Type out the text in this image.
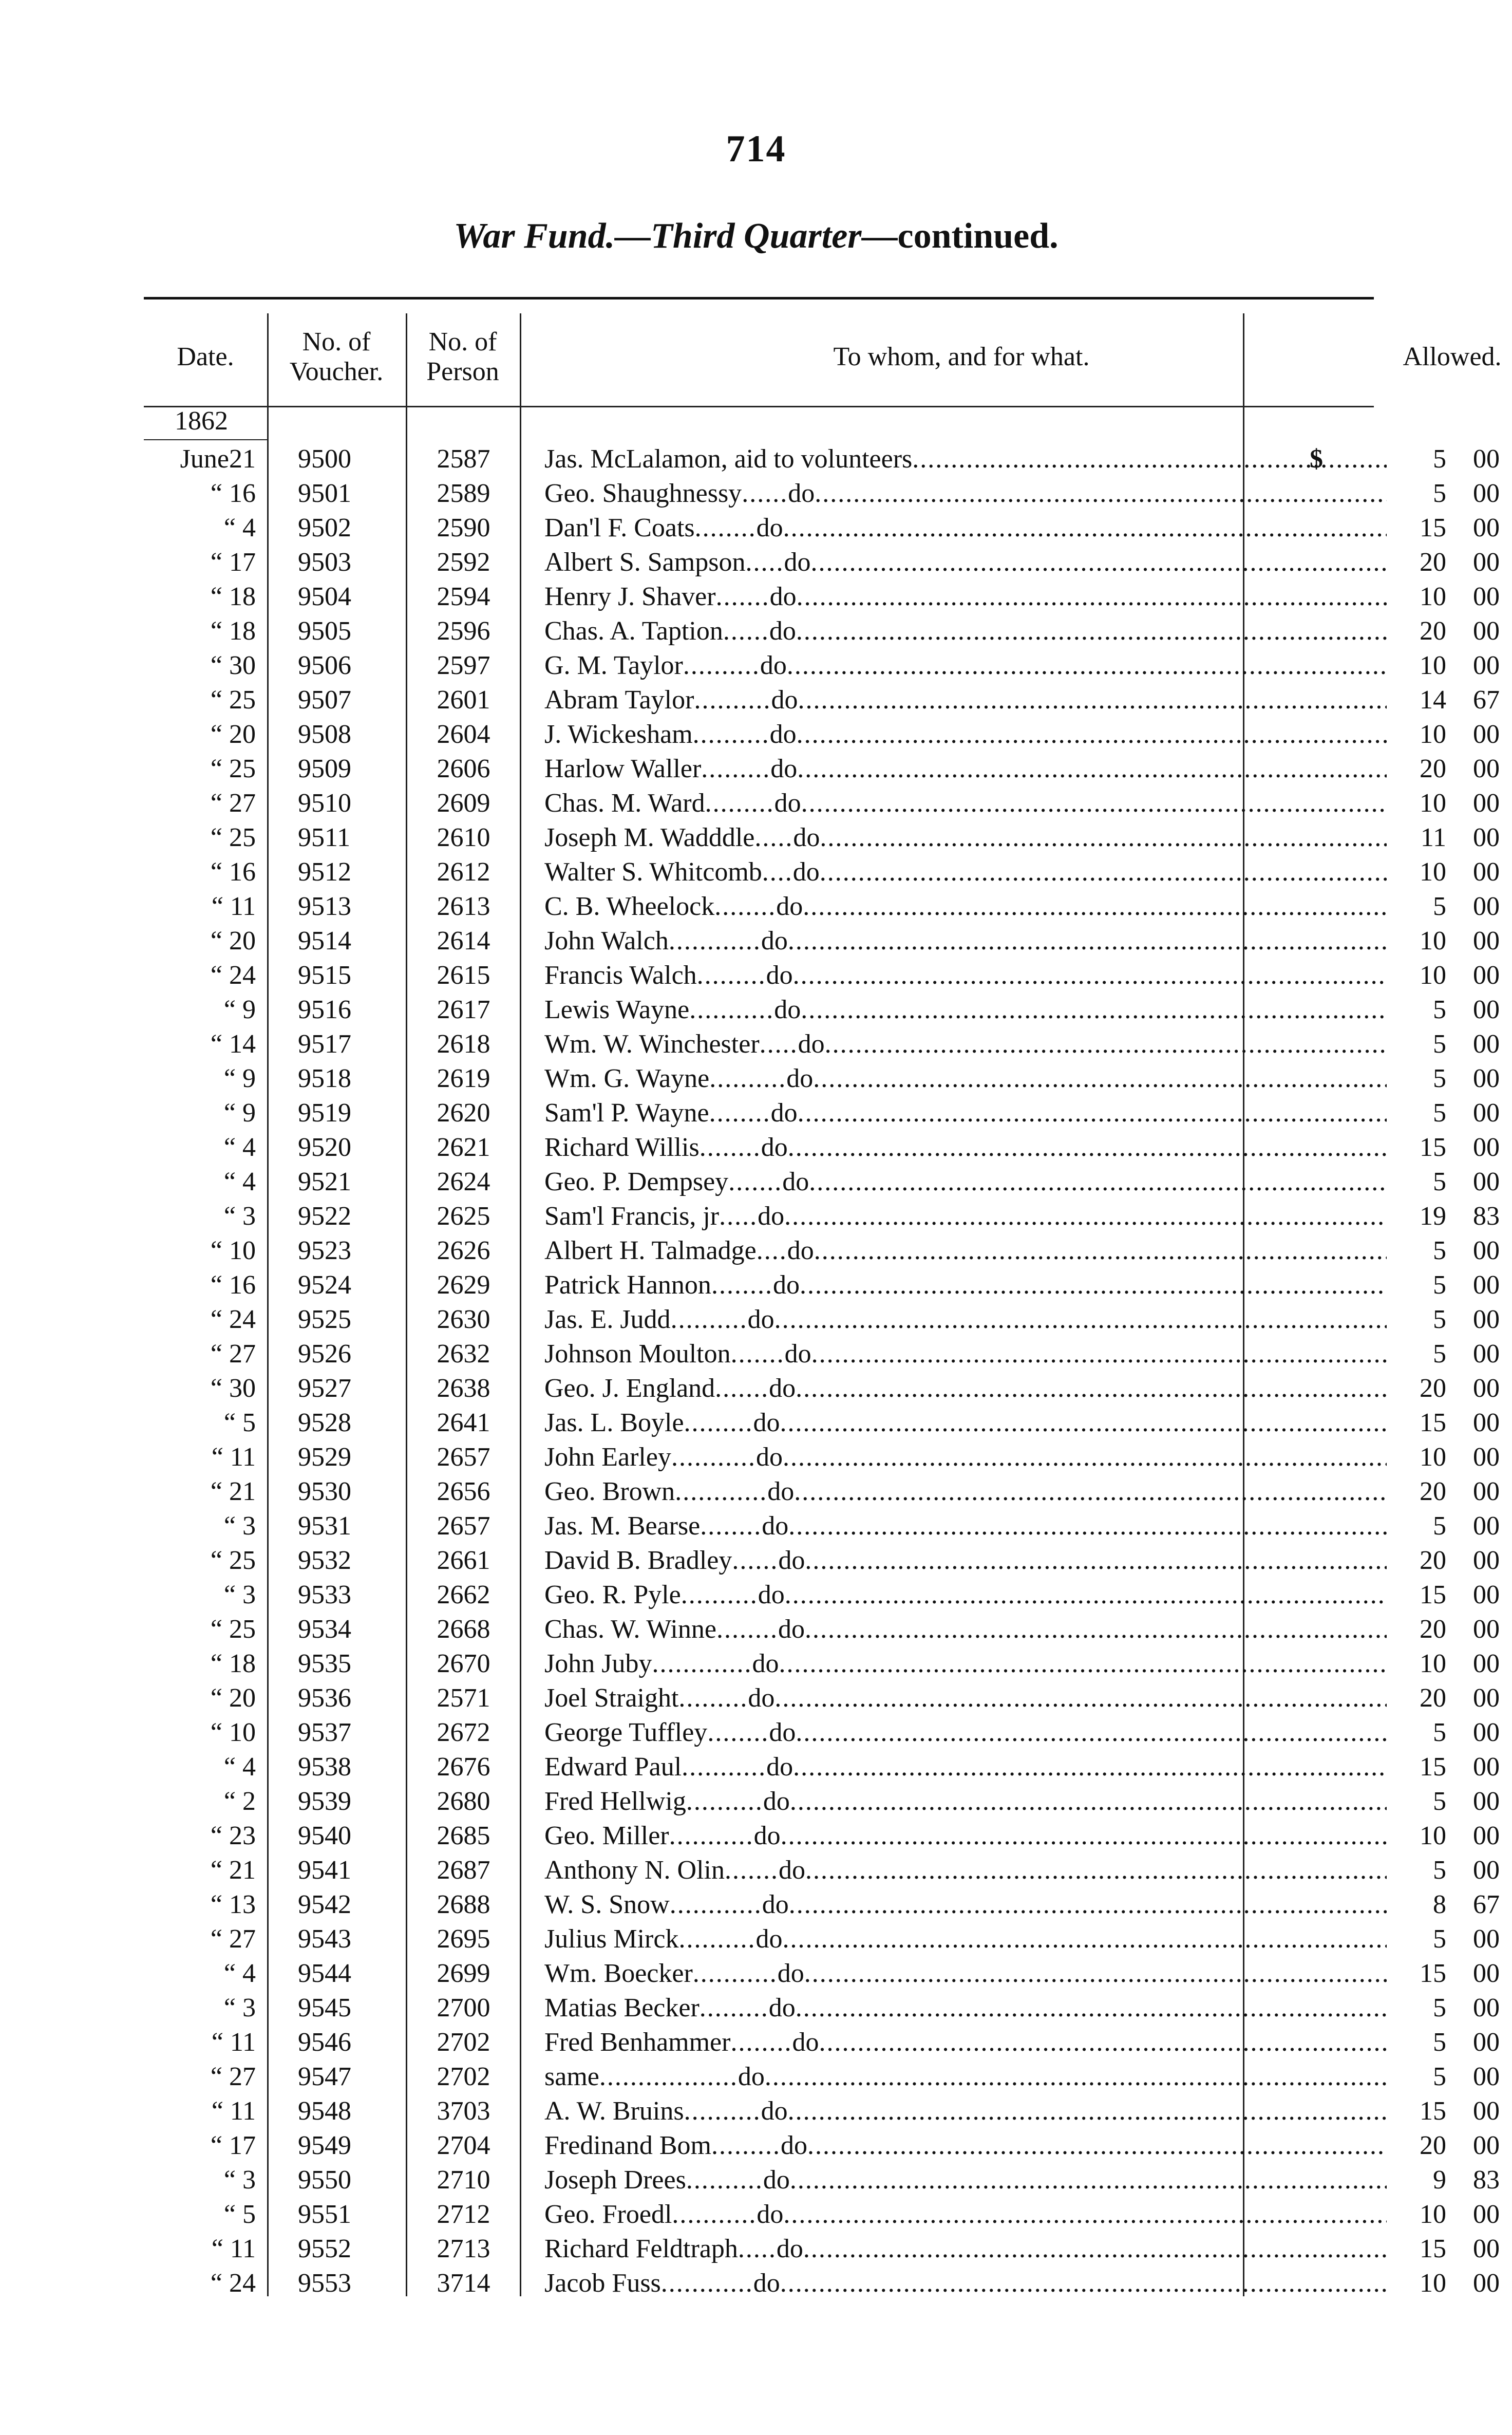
714
War Fund.—Third Quarter—continued.
Date.
No. of
Voucher.
No. of
Person
To whom, and for what.	Allowed.
1862
June21 9500	2587	Jas. McLalamon, aid to volunteers .....	$	5 00
“ 16 9501	2589	Geo. Shaughnessy......do .....	5 00
“ 4 9502	2590	Dan'l F. Coats........do .....	15 00
“ 17 9503	2592	Albert S. Sampson.....do .....	20 00
“ 18 9504	2594	Henry J. Shaver.......do .....	10 00
“ 18 9505	2596	Chas. A. Taption......do .....	20 00
“ 30 9506	2597	G. M. Taylor..........do .....	10 00
“ 25 9507	2601	Abram Taylor..........do .....	14 67
“ 20 9508	2604	J. Wickesham..........do .....	10 00
“ 25 9509	2606	Harlow Waller.........do .....	20 00
“ 27 9510	2609	Chas. M. Ward.........do .....	10 00
“ 25 9511	2610	Joseph M. Wadddle.....do .....	11 00
“ 16 9512	2612	Walter S. Whitcomb....do .....	10 00
“ 11 9513	2613	C. B. Wheelock........do .....	5 00
“ 20 9514	2614	John Walch............do .....	10 00
“ 24 9515	2615	Francis Walch.........do .....	10 00
“ 9 9516	2617	Lewis Wayne...........do .....	5 00
“ 14 9517	2618	Wm. W. Winchester.....do .....	5 00
“ 9 9518	2619	Wm. G. Wayne..........do .....	5 00
“ 9 9519	2620	Sam'l P. Wayne........do .....	5 00
“ 4 9520	2621	Richard Willis........do .....	15 00
“ 4 9521	2624	Geo. P. Dempsey.......do .....	5 00
“ 3 9522	2625	Sam'l Francis, jr.....do .....	19 83
“ 10 9523	2626	Albert H. Talmadge....do .....	5 00
“ 16 9524	2629	Patrick Hannon........do .....	5 00
“ 24 9525	2630	Jas. E. Judd..........do .....	5 00
“ 27 9526	2632	Johnson Moulton.......do .....	5 00
“ 30 9527	2638	Geo. J. England.......do .....	20 00
“ 5 9528	2641	Jas. L. Boyle.........do .....	15 00
“ 11 9529	2657	John Earley...........do .....	10 00
“ 21 9530	2656	Geo. Brown............do .....	20 00
“ 3 9531	2657	Jas. M. Bearse........do .....	5 00
“ 25 9532	2661	David B. Bradley......do .....	20 00
“ 3 9533	2662	Geo. R. Pyle..........do .....	15 00
“ 25 9534	2668	Chas. W. Winne........do .....	20 00
“ 18 9535	2670	John Juby.............do .....	10 00
“ 20 9536	2571	Joel Straight.........do .....	20 00
“ 10 9537	2672	George Tuffley........do .....	5 00
“ 4 9538	2676	Edward Paul...........do .....	15 00
“ 2 9539	2680	Fred Hellwig..........do .....	5 00
“ 23 9540	2685	Geo. Miller...........do .....	10 00
“ 21 9541	2687	Anthony N. Olin.......do .....	5 00
“ 13 9542	2688	W. S. Snow............do .....	8 67
“ 27 9543	2695	Julius Mirck..........do .....	5 00
“ 4 9544	2699	Wm. Boecker...........do .....	15 00
“ 3 9545	2700	Matias Becker.........do .....	5 00
“ 11 9546	2702	Fred Benhammer........do .....	5 00
“ 27 9547	2702	same..................do .....	5 00
“ 11 9548	3703	A. W. Bruins..........do .....	15 00
“ 17 9549	2704	Fredinand Bom.........do .....	20 00
“ 3 9550	2710	Joseph Drees..........do .....	9 83
“ 5 9551	2712	Geo. Froedl...........do .....	10 00
“ 11 9552	2713	Richard Feldtraph.....do .....	15 00
“ 24 9553	3714	Jacob Fuss............do .....	10 00
